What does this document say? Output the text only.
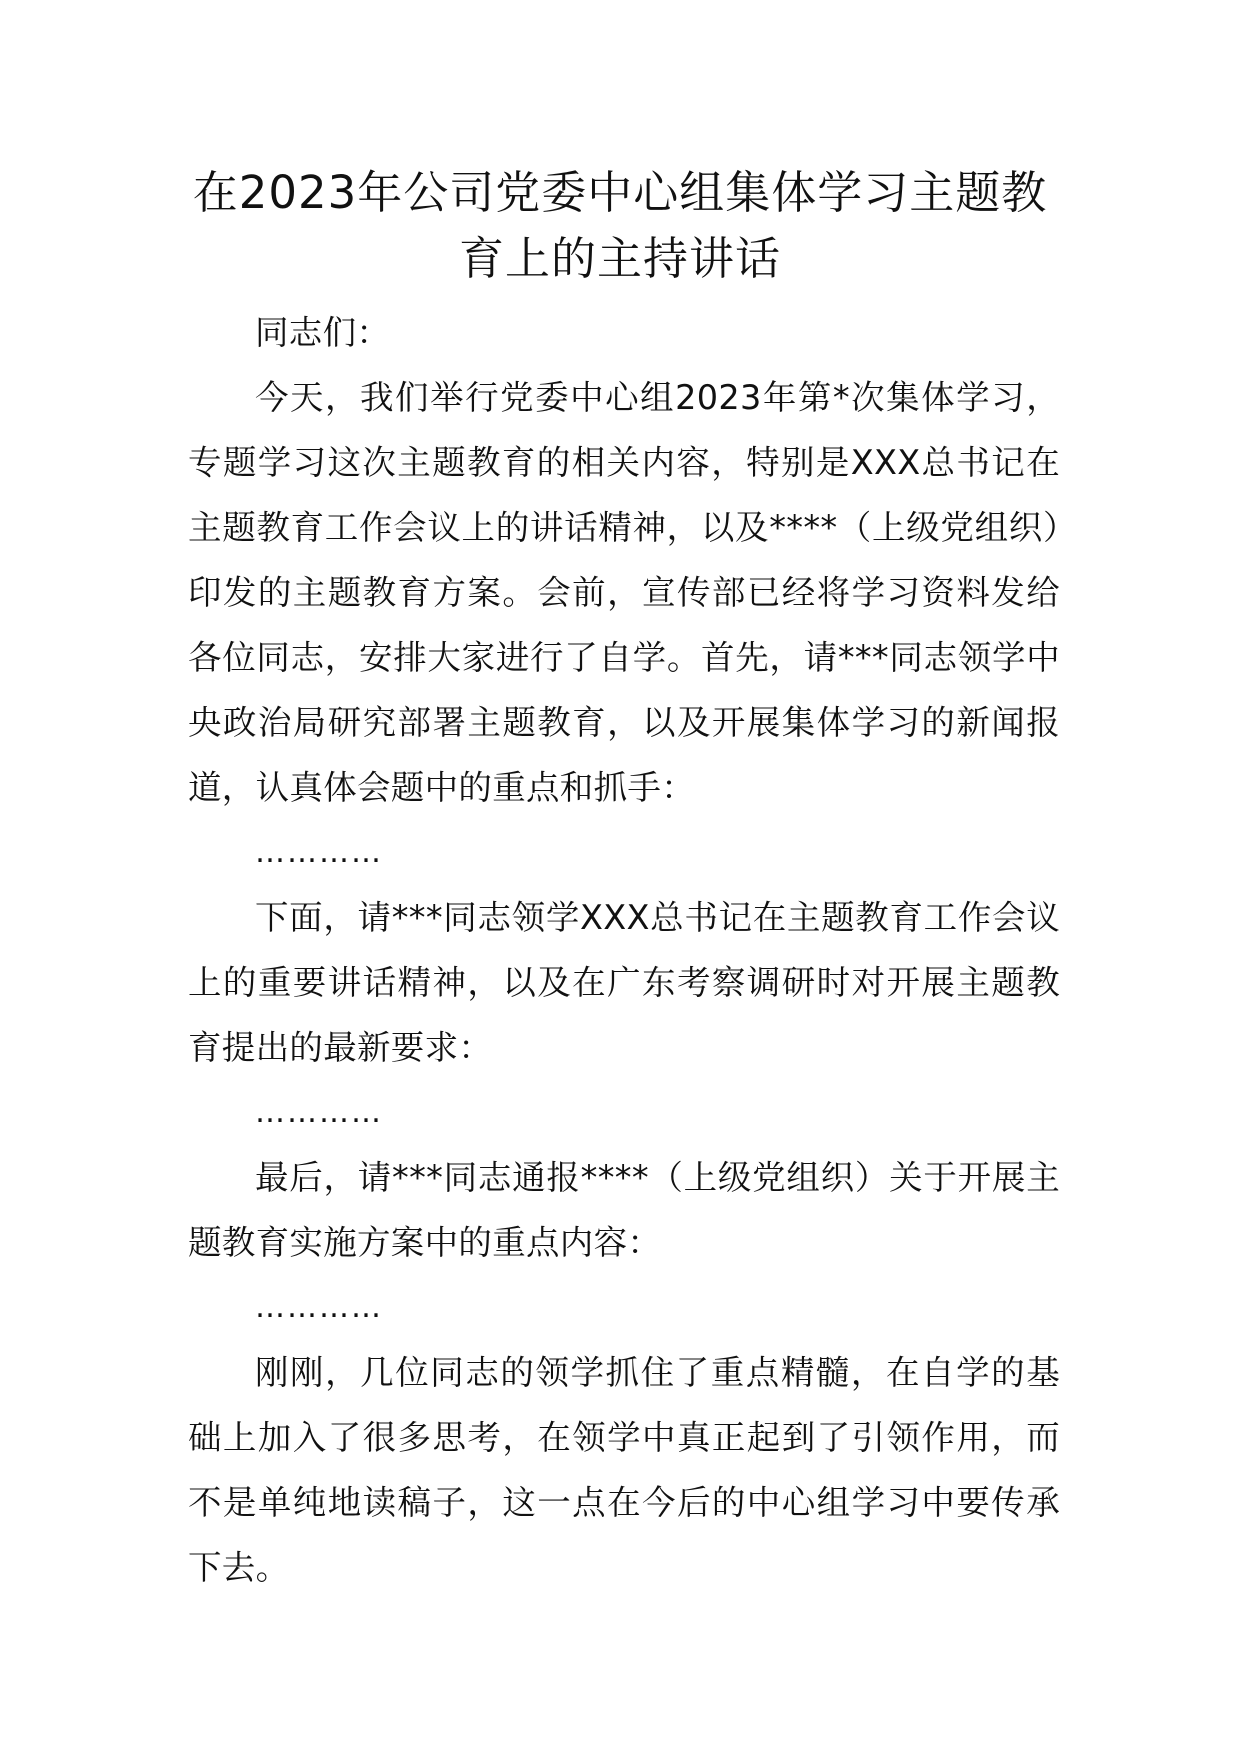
在2023年公司党委中心组集体学习主题教
育上的主持讲话

同志们：

今天，我们举行党委中心组2023年第*次集体学习，专题学习这次主题教育的相关内容，特别是XXX总书记在主题教育工作会议上的讲话精神，以及****（上级党组织）印发的主题教育方案。会前，宣传部已经将学习资料发给各位同志，安排大家进行了自学。首先，请***同志领学中央政治局研究部署主题教育，以及开展集体学习的新闻报道，认真体会题中的重点和抓手：

…………

下面，请***同志领学XXX总书记在主题教育工作会议上的重要讲话精神，以及在广东考察调研时对开展主题教育提出的最新要求：

…………

最后，请***同志通报****（上级党组织）关于开展主题教育实施方案中的重点内容：

…………

刚刚，几位同志的领学抓住了重点精髓，在自学的基础上加入了很多思考，在领学中真正起到了引领作用，而不是单纯地读稿子，这一点在今后的中心组学习中要传承下去。
